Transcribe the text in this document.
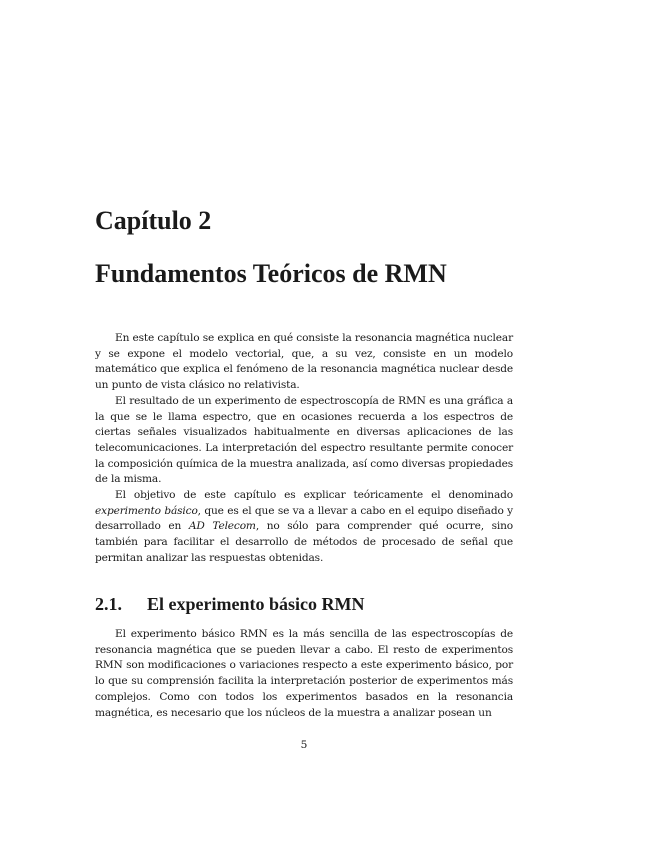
Capítulo 2
Fundamentos Teóricos de RMN

En este capítulo se explica en qué consiste la resonancia magnética nuclear y se expone el modelo vectorial, que, a su vez, consiste en un modelo matemático que explica el fenómeno de la resonancia magnética nuclear desde un punto de vista clásico no relativista.

El resultado de un experimento de espectroscopía de RMN es una gráfica a la que se le llama espectro, que en ocasiones recuerda a los espectros de ciertas señales visualizados habitualmente en diversas aplicaciones de las telecomunicaciones. La interpretación del espectro resultante permite conocer la composición química de la muestra analizada, así como diversas propiedades de la misma.

El objetivo de este capítulo es explicar teóricamente el denominado experimento básico, que es el que se va a llevar a cabo en el equipo diseñado y desarrollado en AD Telecom, no sólo para comprender qué ocurre, sino también para facilitar el desarrollo de métodos de procesado de señal que permitan analizar las respuestas obtenidas.

2.1. El experimento básico RMN

El experimento básico RMN es la más sencilla de las espectroscopías de resonancia magnética que se pueden llevar a cabo. El resto de experimentos RMN son modificaciones o variaciones respecto a este experimento básico, por lo que su comprensión facilita la interpretación posterior de experimentos más complejos. Como con todos los experimentos basados en la resonancia magnética, es necesario que los núcleos de la muestra a analizar posean un

5
